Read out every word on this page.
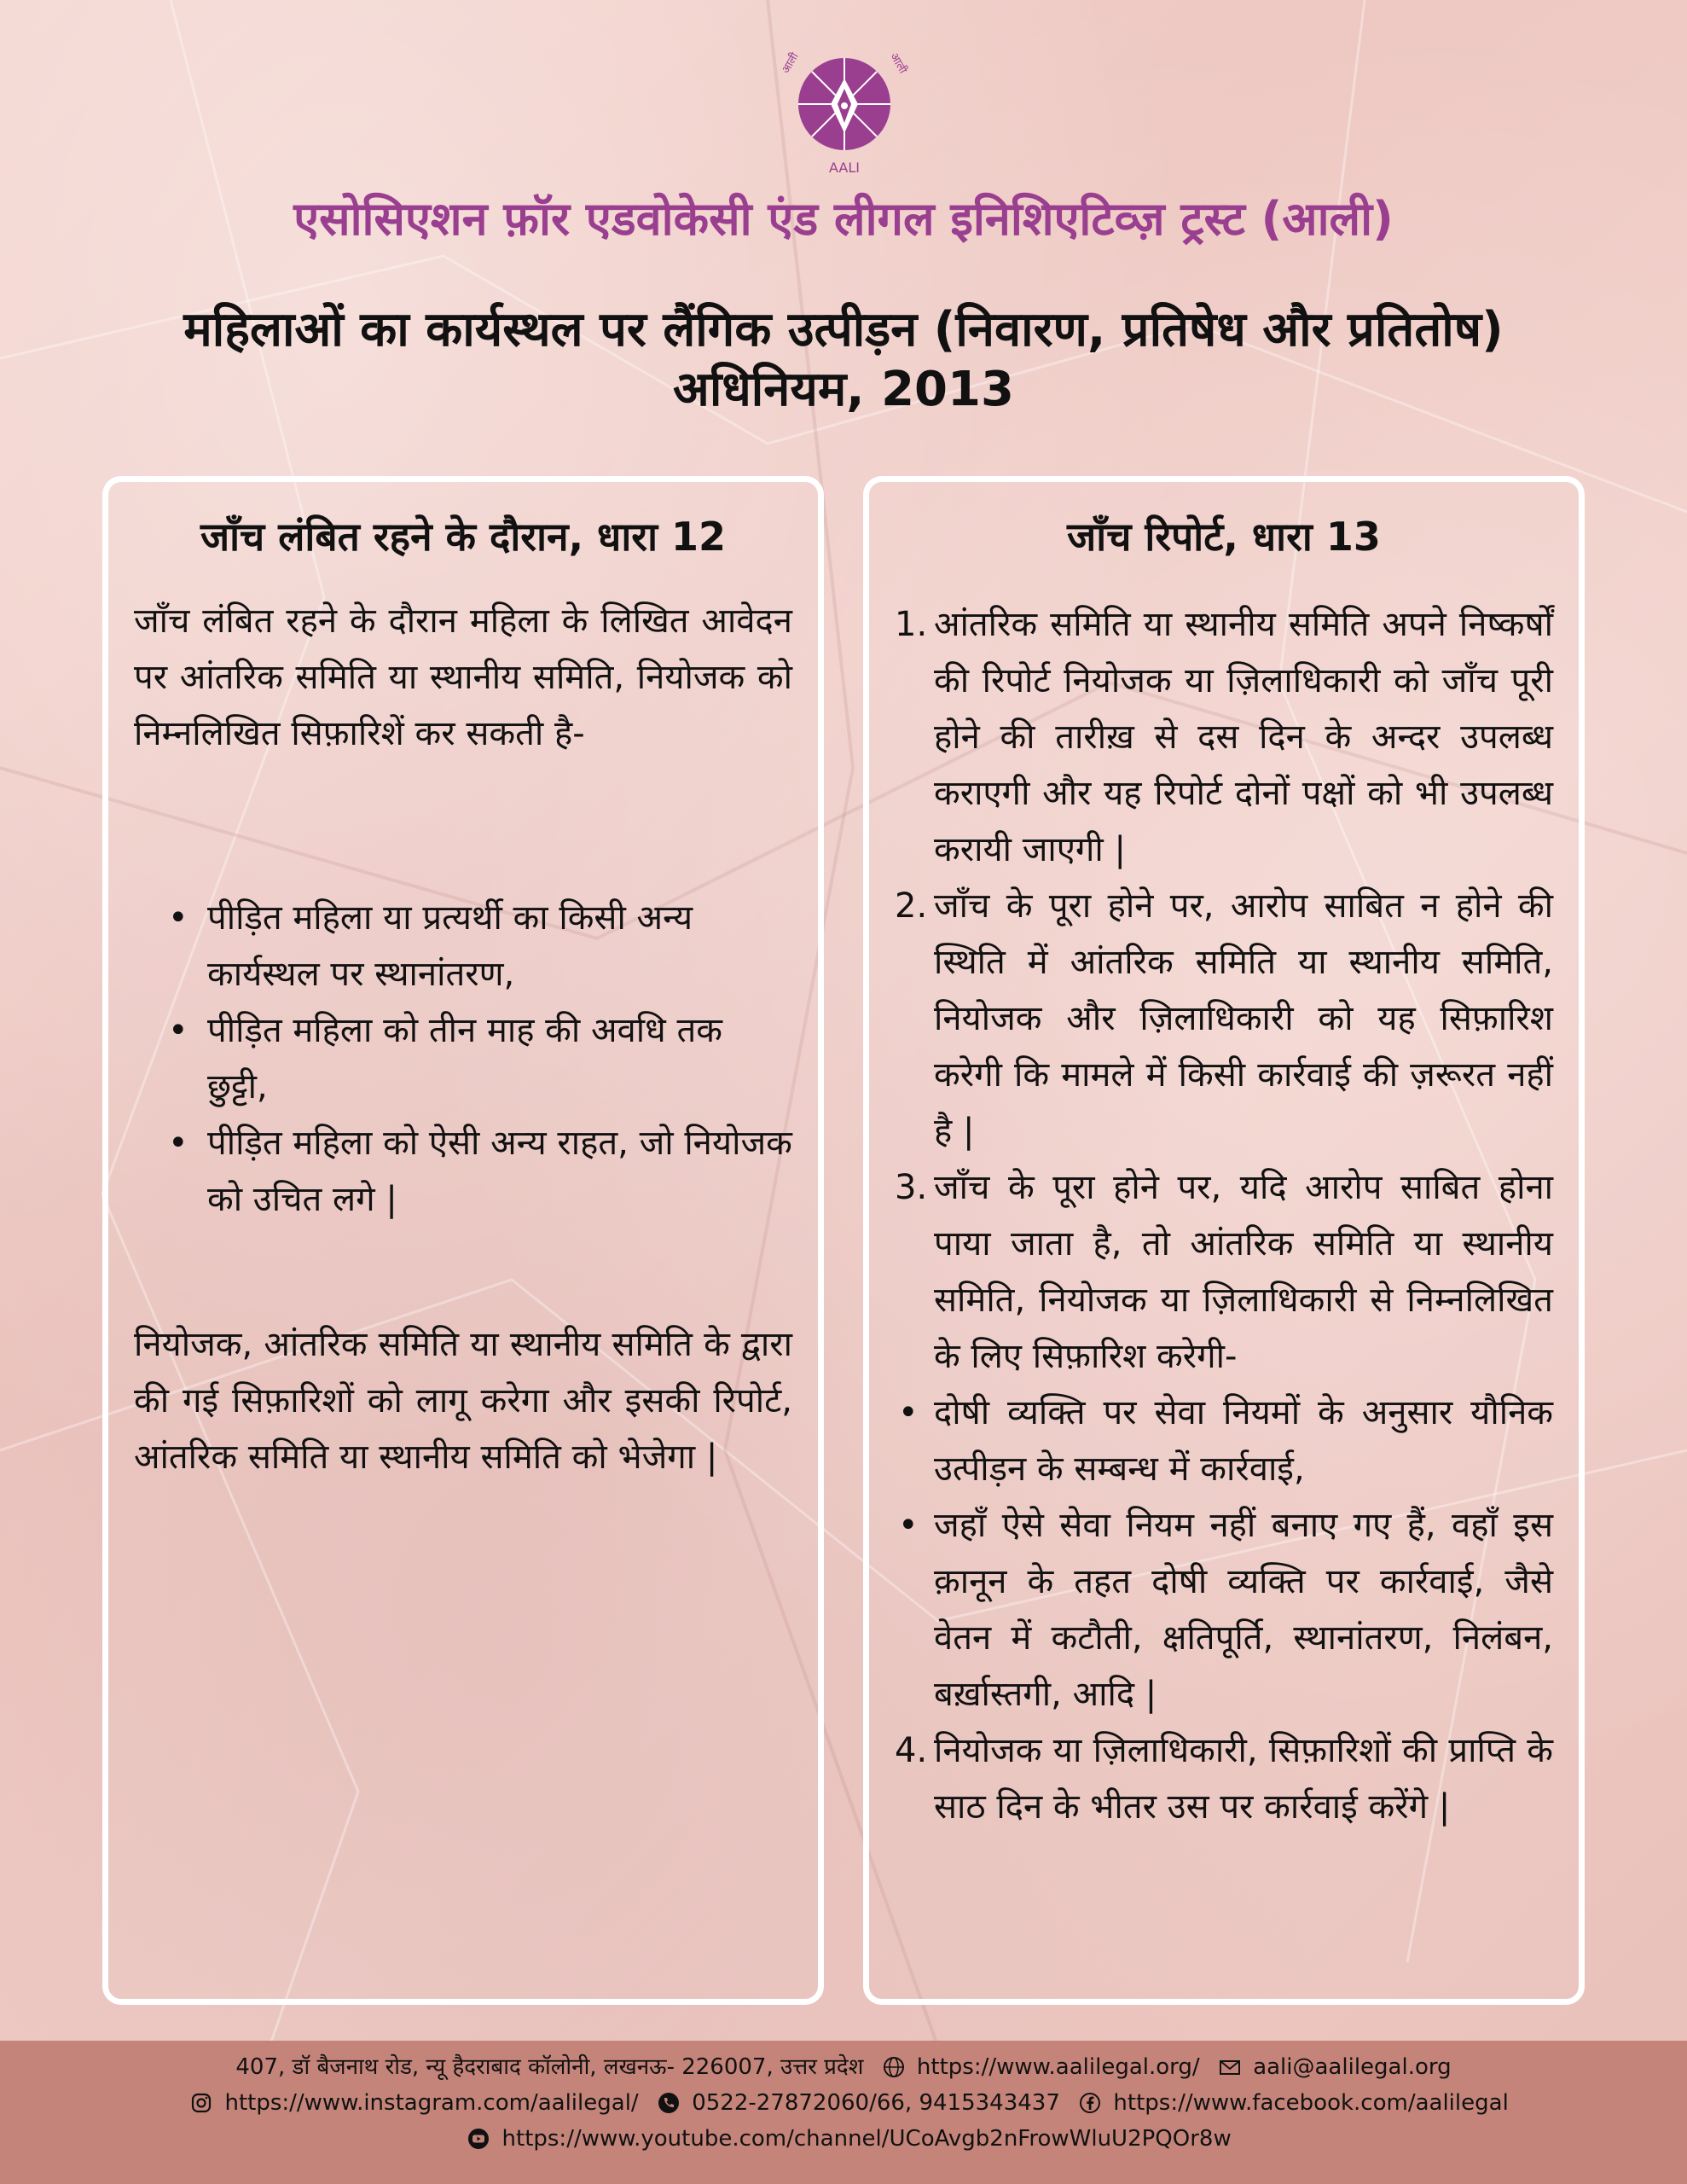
AALI
आली	आली
एसोसिएशन फ़ॉर एडवोकेसी एंड लीगल इनिशिएटिव्ज़ ट्रस्ट (आली)
महिलाओं का कार्यस्थल पर लैंगिक उत्पीड़न (निवारण, प्रतिषेध और प्रतितोष) अधिनियम, 2013
जाँच लंबित रहने के दौरान, धारा 12

जाँच लंबित रहने के दौरान महिला के लिखित आवेदन पर आंतरिक समिति या स्थानीय समिति, नियोजक को निम्नलिखित सिफ़ारिशें कर सकती है-

• पीड़ित महिला या प्रत्यर्थी का किसी अन्य कार्यस्थल पर स्थानांतरण,
• पीड़ित महिला को तीन माह की अवधि तक छुट्टी,
• पीड़ित महिला को ऐसी अन्य राहत, जो नियोजक को उचित लगे |

नियोजक, आंतरिक समिति या स्थानीय समिति के द्वारा की गई सिफ़ारिशों को लागू करेगा और इसकी रिपोर्ट, आंतरिक समिति या स्थानीय समिति को भेजेगा |

जाँच रिपोर्ट, धारा 13
1. आंतरिक समिति या स्थानीय समिति अपने निष्कर्षों की रिपोर्ट नियोजक या ज़िलाधिकारी को जाँच पूरी होने की तारीख़ से दस दिन के अन्दर उपलब्ध कराएगी और यह रिपोर्ट दोनों पक्षों को भी उपलब्ध करायी जाएगी |
2. जाँच के पूरा होने पर, आरोप साबित न होने की स्थिति में आंतरिक समिति या स्थानीय समिति, नियोजक और ज़िलाधिकारी को यह सिफ़ारिश करेगी कि मामले में किसी कार्रवाई की ज़रूरत नहीं है |
3. जाँच के पूरा होने पर, यदि आरोप साबित होना पाया जाता है, तो आंतरिक समिति या स्थानीय समिति, नियोजक या ज़िलाधिकारी से निम्नलिखित के लिए सिफ़ारिश करेगी-
• दोषी व्यक्ति पर सेवा नियमों के अनुसार यौनिक उत्पीड़न के सम्बन्ध में कार्रवाई,
• जहाँ ऐसे सेवा नियम नहीं बनाए गए हैं, वहाँ इस क़ानून के तहत दोषी व्यक्ति पर कार्रवाई, जैसे वेतन में कटौती, क्षतिपूर्ति, स्थानांतरण, निलंबन, बर्ख़ास्तगी, आदि |
4. नियोजक या ज़िलाधिकारी, सिफ़ारिशों की प्राप्ति के साठ दिन के भीतर उस पर कार्रवाई करेंगे |
407, डॉ बैजनाथ रोड, न्यू हैदराबाद कॉलोनी, लखनऊ- 226007, उत्तर प्रदेश https://www.aalilegal.org/ aali@aalilegal.org
https://www.instagram.com/aalilegal/ 0522-27872060/66, 9415343437 https://www.facebook.com/aalilegal
https://www.youtube.com/channel/UCoAvgb2nFrowWluU2PQOr8w
